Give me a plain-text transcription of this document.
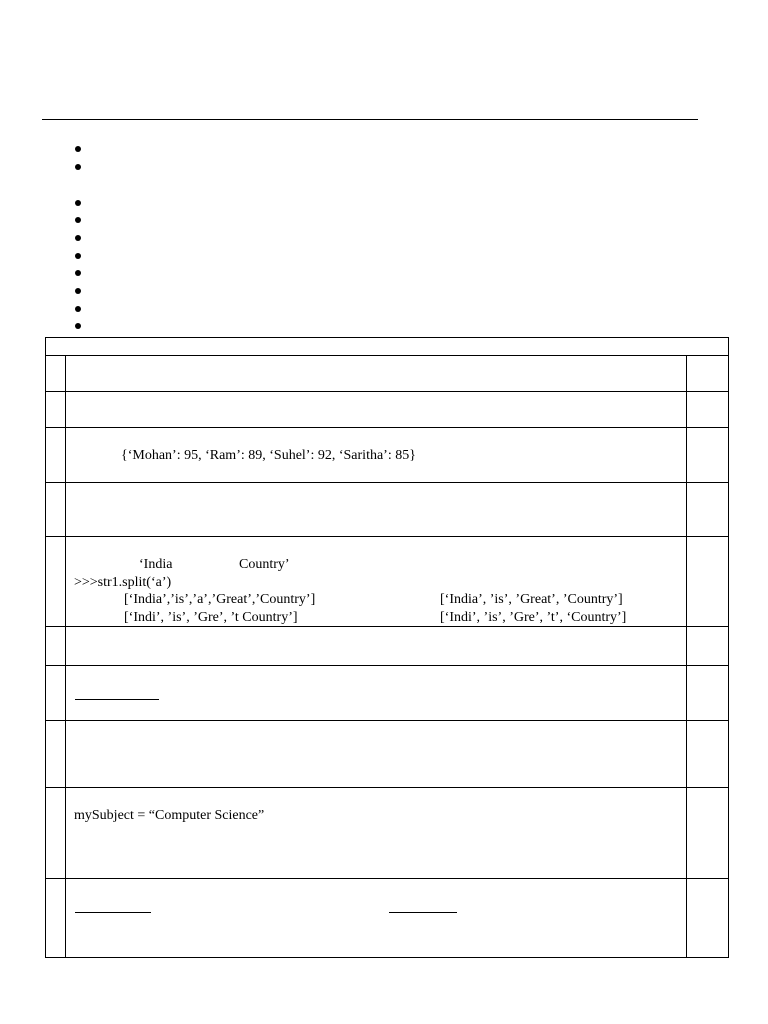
{‘Mohan’: 95, ‘Ram’: 89, ‘Suhel’: 92, ‘Saritha’: 85}
‘India	Country’
>>>str1.split(‘a’)
[‘India’,’is’,’a’,’Great’,’Country’]	[‘India’, ’is’, ’Great’, ’Country’]
[‘Indi’, ’is’, ’Gre’, ’t Country’]	[‘Indi’, ’is’, ’Gre’, ’t’, ‘Country’]
mySubject = “Computer Science”
